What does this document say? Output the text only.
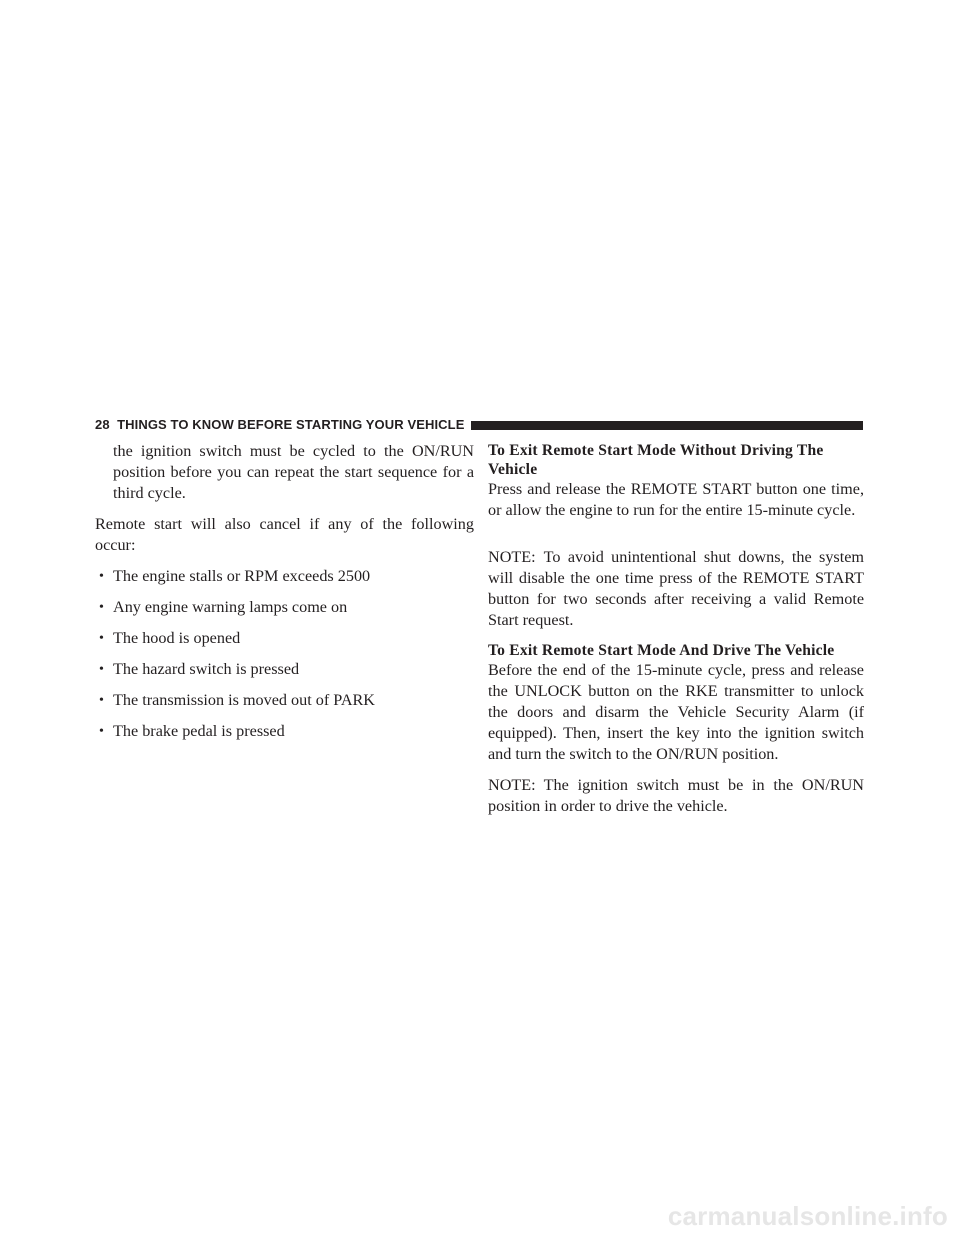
28 THINGS TO KNOW BEFORE STARTING YOUR VEHICLE

the ignition switch must be cycled to the ON/RUN position before you can repeat the start sequence for a third cycle.

Remote start will also cancel if any of the following occur:

• The engine stalls or RPM exceeds 2500
• Any engine warning lamps come on
• The hood is opened
• The hazard switch is pressed
• The transmission is moved out of PARK
• The brake pedal is pressed
To Exit Remote Start Mode Without Driving The Vehicle

Press and release the REMOTE START button one time, or allow the engine to run for the entire 15-minute cycle.

NOTE: To avoid unintentional shut downs, the system will disable the one time press of the REMOTE START button for two seconds after receiving a valid Remote Start request.

To Exit Remote Start Mode And Drive The Vehicle

Before the end of the 15-minute cycle, press and release the UNLOCK button on the RKE transmitter to unlock the doors and disarm the Vehicle Security Alarm (if equipped). Then, insert the key into the ignition switch and turn the switch to the ON/RUN position.

NOTE: The ignition switch must be in the ON/RUN position in order to drive the vehicle.

carmanualsonline.info
